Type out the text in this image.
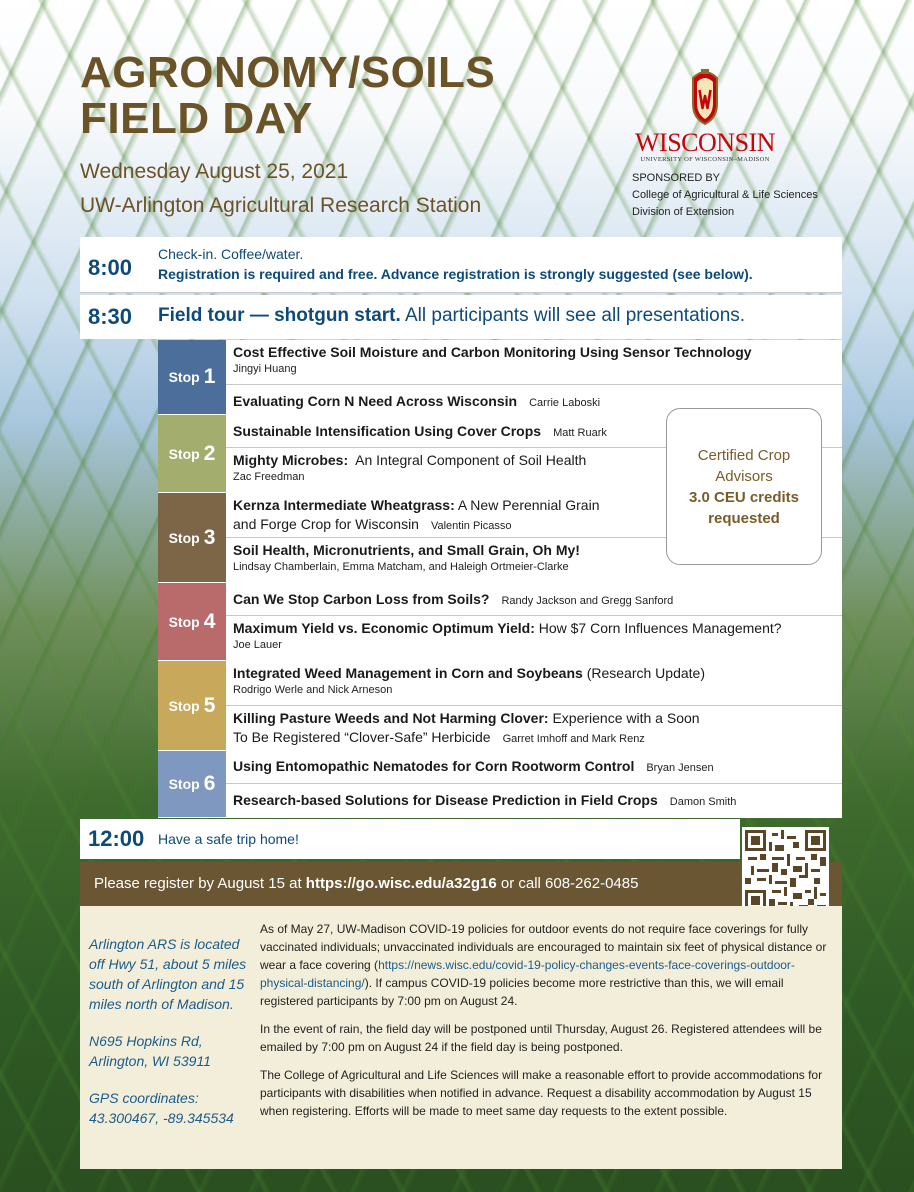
AGRONOMY/SOILS
FIELD DAY
Wednesday August 25, 2021
UW-Arlington Agricultural Research Station
WISCONSIN
UNIVERSITY OF WISCONSIN–MADISON
SPONSORED BY
College of Agricultural & Life Sciences
Division of Extension
8:00
Check-in. Coffee/water.
Registration is required and free. Advance registration is strongly suggested (see below).
8:30 Field tour — shotgun start. All participants will see all presentations.
Stop 1
Cost Effective Soil Moisture and Carbon Monitoring Using Sensor Technology
Jingyi Huang
Evaluating Corn N Need Across Wisconsin Carrie Laboski
Stop 2
Sustainable Intensification Using Cover Crops Matt Ruark
Mighty Microbes:  An Integral Component of Soil Health
Zac Freedman
Stop 3
Kernza Intermediate Wheatgrass: A New Perennial Grain
and Forge Crop for Wisconsin Valentin Picasso
Soil Health, Micronutrients, and Small Grain, Oh My!
Lindsay Chamberlain, Emma Matcham, and Haleigh Ortmeier-Clarke
Stop 4
Can We Stop Carbon Loss from Soils? Randy Jackson and Gregg Sanford
Maximum Yield vs. Economic Optimum Yield: How $7 Corn Influences Management?
Joe Lauer
Stop 5
Integrated Weed Management in Corn and Soybeans (Research Update)
Rodrigo Werle and Nick Arneson
Killing Pasture Weeds and Not Harming Clover: Experience with a Soon
To Be Registered “Clover-Safe” Herbicide Garret Imhoff and Mark Renz
Stop 6
Using Entomopathic Nematodes for Corn Rootworm Control Bryan Jensen
Research-based Solutions for Disease Prediction in Field Crops Damon Smith
Certified Crop
Advisors
3.0 CEU credits
requested
12:00 Have a safe trip home!
Please register by August 15 at https://go.wisc.edu/a32g16 or call 608-262-0485

Arlington ARS is located off Hwy 51, about 5 miles south of Arlington and 15 miles north of Madison.

N695 Hopkins Rd,
Arlington, WI 53911

GPS coordinates:
43.300467, -89.345534

As of May 27, UW-Madison COVID-19 policies for outdoor events do not require face coverings for fully vaccinated individuals; unvaccinated individuals are encouraged to maintain six feet of physical distance or wear a face covering (https://news.wisc.edu/covid-19-policy-changes-events-face-coverings-outdoor-physical-distancing/). If campus COVID-19 policies become more restrictive than this, we will email registered participants by 7:00 pm on August 24.

In the event of rain, the field day will be postponed until Thursday, August 26. Registered attendees will be emailed by 7:00 pm on August 24 if the field day is being postponed.

The College of Agricultural and Life Sciences will make a reasonable effort to provide accommodations for participants with disabilities when notified in advance. Request a disability accommodation by August 15 when registering. Efforts will be made to meet same day requests to the extent possible.
